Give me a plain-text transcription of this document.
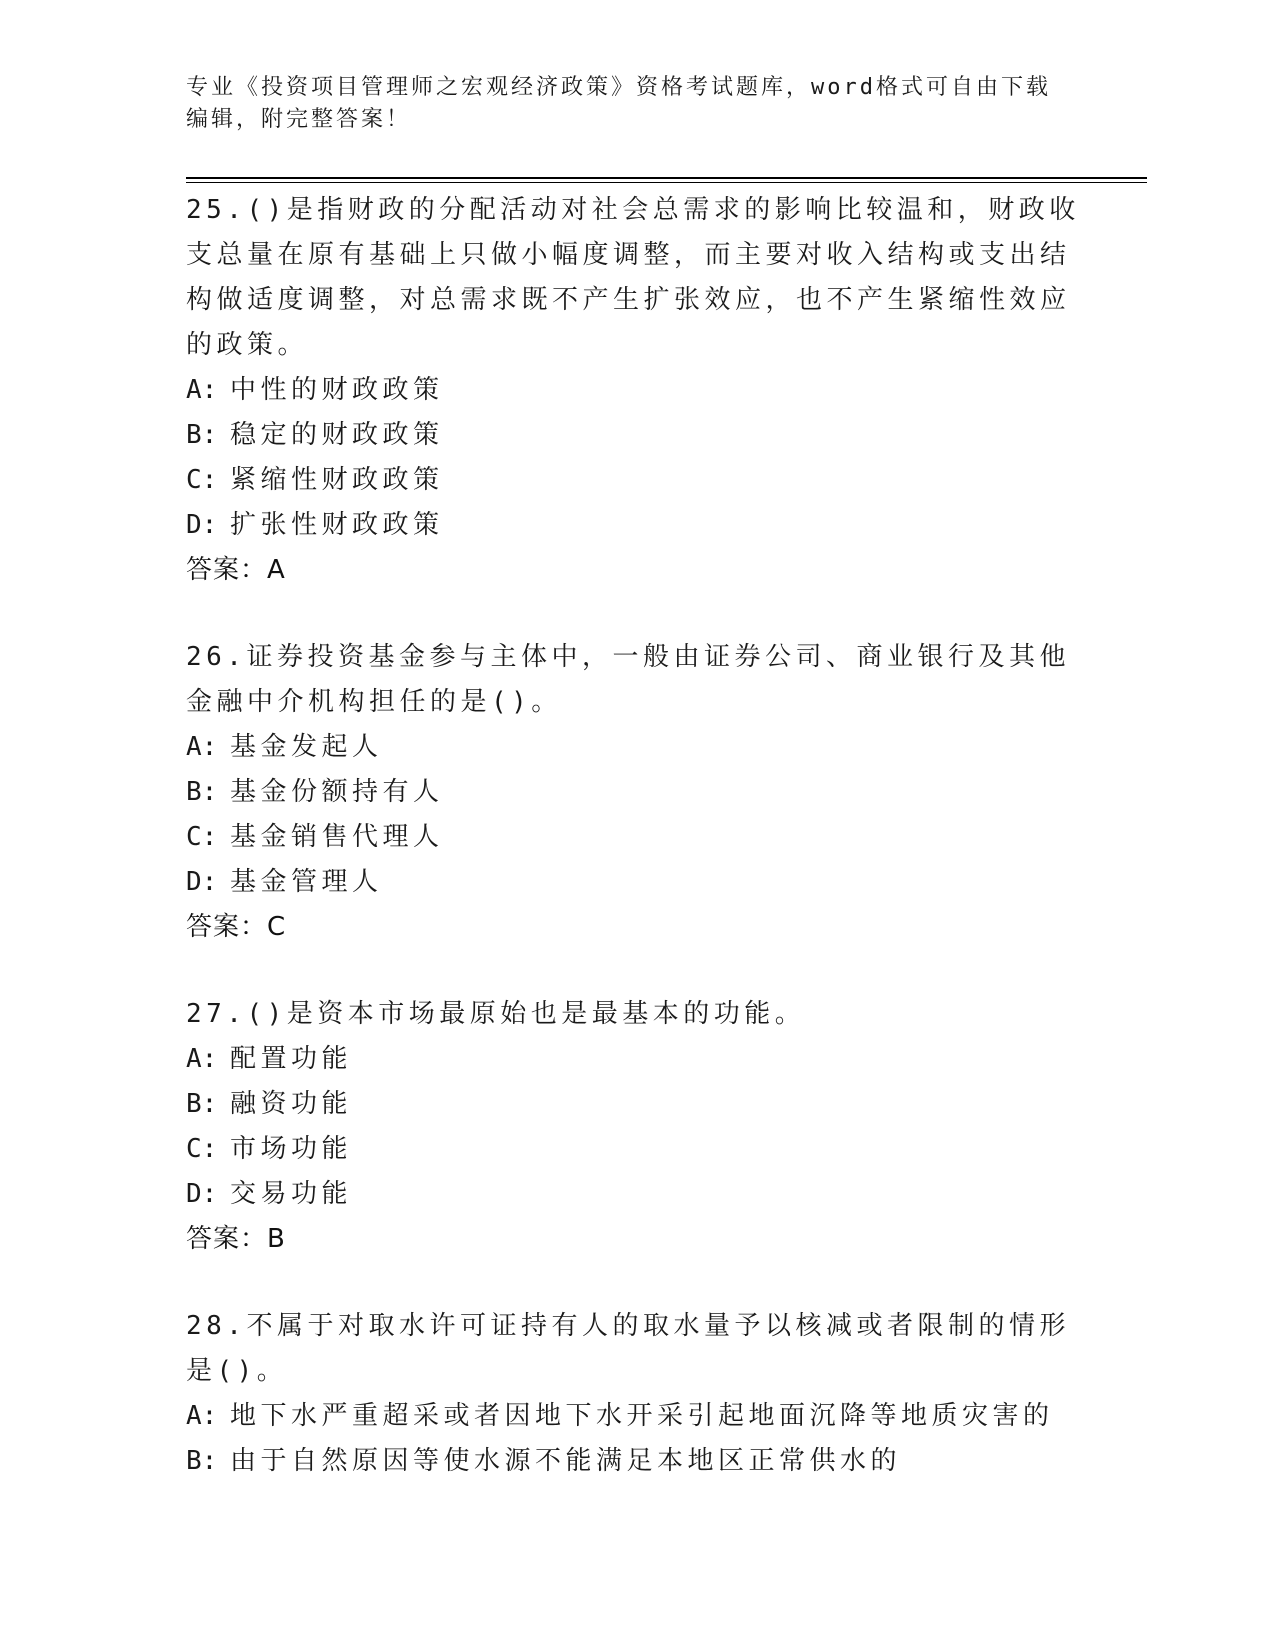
专业《投资项目管理师之宏观经济政策》资格考试题库，word格式可自由下载编辑，附完整答案！
25.()是指财政的分配活动对社会总需求的影响比较温和，财政收支总量在原有基础上只做小幅度调整，而主要对收入结构或支出结构做适度调整，对总需求既不产生扩张效应，也不产生紧缩性效应的政策。
A: 中性的财政政策
B: 稳定的财政政策
C: 紧缩性财政政策
D: 扩张性财政政策
答案：A
26.证券投资基金参与主体中，一般由证券公司、商业银行及其他金融中介机构担任的是()。
A: 基金发起人
B: 基金份额持有人
C: 基金销售代理人
D: 基金管理人
答案：C
27.()是资本市场最原始也是最基本的功能。
A: 配置功能
B: 融资功能
C: 市场功能
D: 交易功能
答案：B
28.不属于对取水许可证持有人的取水量予以核减或者限制的情形是()。
A: 地下水严重超采或者因地下水开采引起地面沉降等地质灾害的
B: 由于自然原因等使水源不能满足本地区正常供水的
